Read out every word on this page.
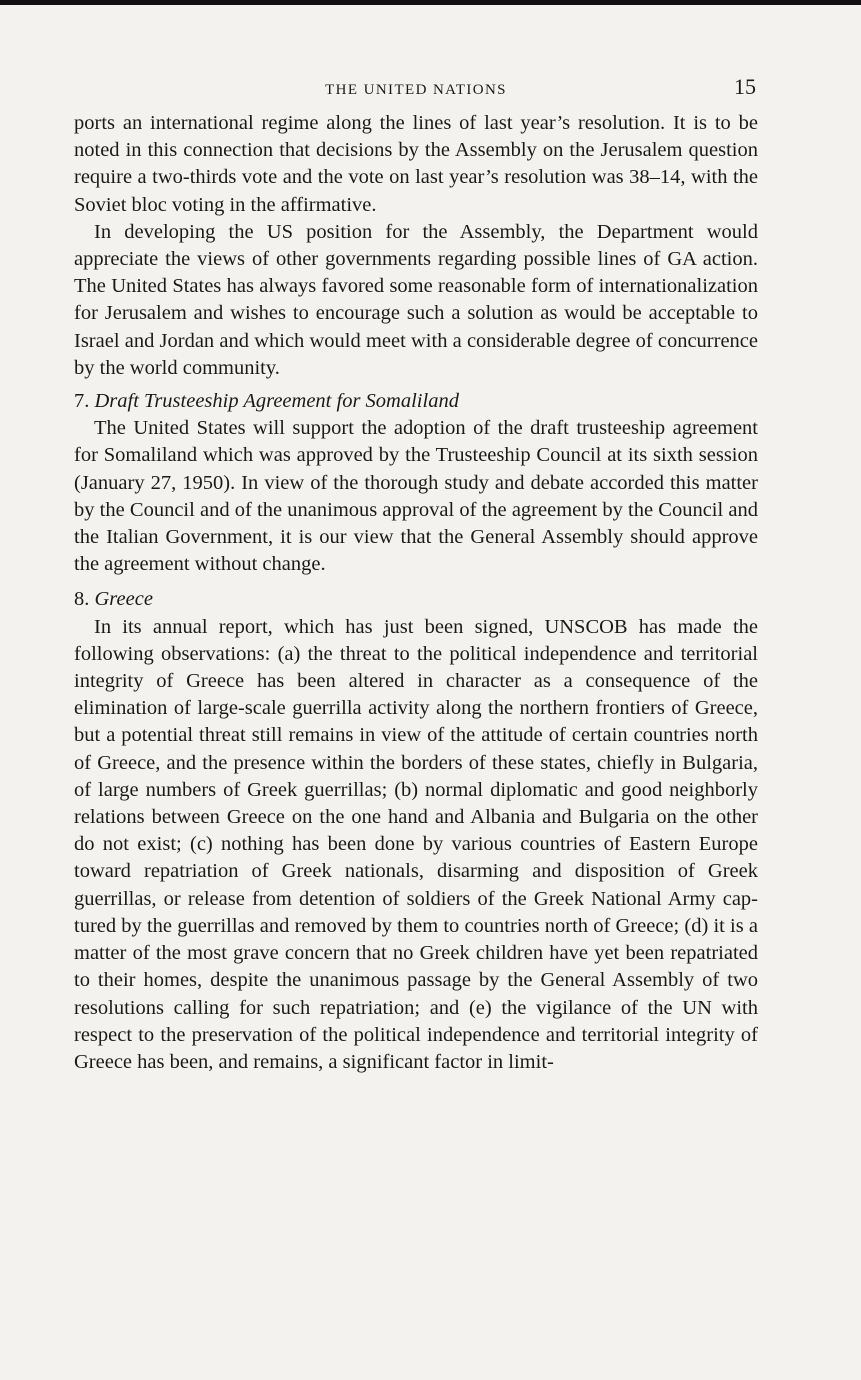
THE UNITED NATIONS	15

ports an international regime along the lines of last year’s resolution. It is to be noted in this connection that decisions by the Assembly on the Jerusalem question require a two-thirds vote and the vote on last year’s resolution was 38–14, with the Soviet bloc voting in the affirmative.

In developing the US position for the Assembly, the Department would appreciate the views of other governments regarding possible lines of GA action. The United States has always favored some reasonable form of internationalization for Jerusalem and wishes to encourage such a solution as would be acceptable to Israel and Jordan and which would meet with a considerable degree of concurrence by the world community.

7. Draft Trusteeship Agreement for Somaliland

The United States will support the adoption of the draft trusteeship agreement for Somaliland which was approved by the Trusteeship Council at its sixth session (January 27, 1950). In view of the thorough study and debate accorded this matter by the Council and of the unanimous approval of the agreement by the Council and the Italian Government, it is our view that the General Assembly should approve the agreement without change.

8. Greece

In its annual report, which has just been signed, UNSCOB has made the following observations: (a) the threat to the political independence and territorial integrity of Greece has been altered in character as a consequence of the elimination of large-scale guerrilla activity along the northern frontiers of Greece, but a potential threat still remains in view of the attitude of certain countries north of Greece, and the presence within the borders of these states, chiefly in Bulgaria, of large numbers of Greek guerrillas; (b) normal diplomatic and good neighborly relations between Greece on the one hand and Albania and Bulgaria on the other do not exist; (c) nothing has been done by various countries of Eastern Europe toward repatriation of Greek nationals, disarming and disposition of Greek guerrillas, or release from detention of soldiers of the Greek National Army captured by the guerrillas and removed by them to countries north of Greece; (d) it is a matter of the most grave concern that no Greek children have yet been repatriated to their homes, despite the unanimous passage by the General Assembly of two resolutions calling for such repatriation; and (e) the vigilance of the UN with respect to the preservation of the political independence and territorial integrity of Greece has been, and remains, a significant factor in limit-
